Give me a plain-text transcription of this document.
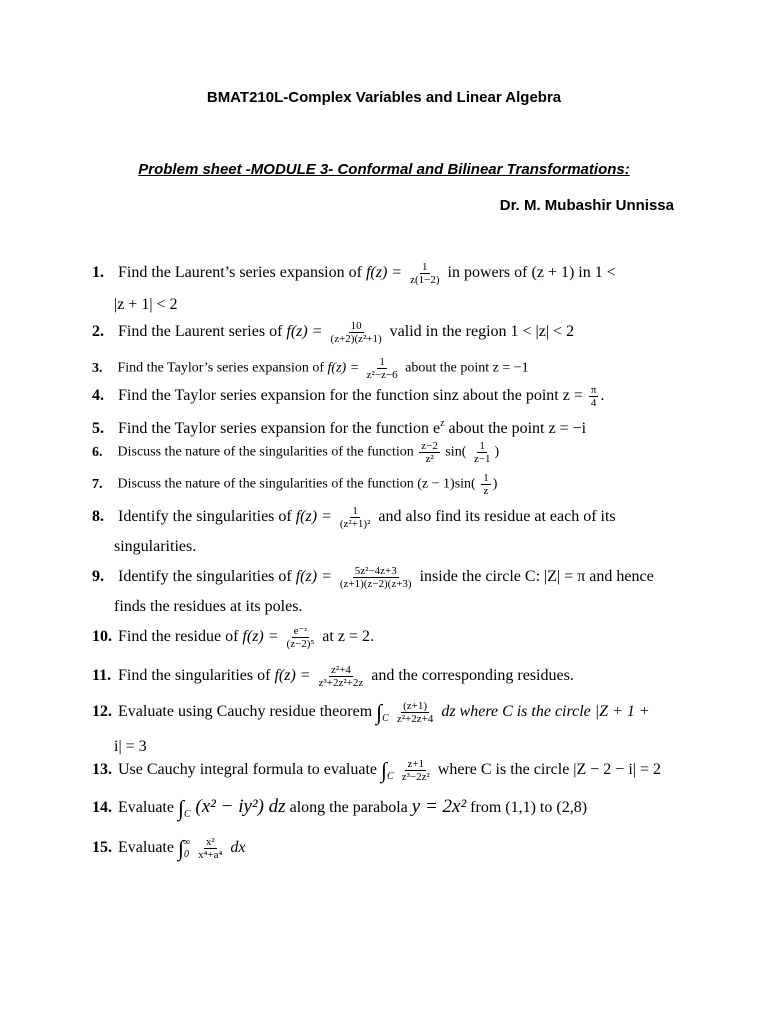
BMAT210L-Complex Variables and Linear Algebra
Problem sheet -MODULE 3- Conformal and Bilinear Transformations:
Dr. M. Mubashir Unnissa
1. Find the Laurent’s series expansion of $f(z) = \frac{1}{z(1-2)}$ in powers of (z + 1) in 1 <
|z + 1| < 2
2. Find the Laurent series of $f(z) = \frac{10}{\text{(z+2)(z²+1)}}$ valid in the region 1 < |z| < 2
3. Find the Taylor’s series expansion of $f(z) = \frac{1}{\text{z²−z−6}}$ about the point z = −1
4. Find the Taylor series expansion for the function sinz about the point $z = \frac{\pi}{4}$ .
5. Find the Taylor series expansion for the function $e^z$ about the point z = −i
6. Discuss the nature of the singularities of the function $\frac{z-2}{\text{z²}} \sin( \frac{1}{z-1}$ )
7. Discuss the nature of the singularities of the function $(z - 1)\sin( \frac{1}{z}$ )
8. Identify the singularities of $f(z) = \frac{1}{\text{(z²+1)²}}$ and also find its residue at each of its
singularities.
9. Identify the singularities of $f(z) = \frac{\text{5z²−4z+3}}{(z+1)(z-2)(z+3)}$ inside the circle C: |Z| = π and hence
finds the residues at its poles.
10. Find the residue of $f(z) = \frac{\text{e⁻ᶻ}}{\text{(z−2)⁵}}$ at z = 2.
11. Find the singularities of $f(z) = \frac{\text{z²+4}}{\text{z³+2z²+2z}}$ and the corresponding residues.
12. Evaluate using Cauchy residue theorem $\int_C \frac{(z+1)}{\text{z²+2z+4}}$ dz where C is the circle |Z + 1 +
i| = 3
13. Use Cauchy integral formula to evaluate $\int_C \frac{z+1}{\text{z³−2z²}}$ where C is the circle |Z − 2 − i| = 2
14. Evaluate $\int_C$ (x² − iy²) dz along the parabola y = 2x² from (1,1) to (2,8)
15. Evaluate $\int_0^\infty \frac{\text{x²}}{\text{x⁴+a⁴}}$ dx
